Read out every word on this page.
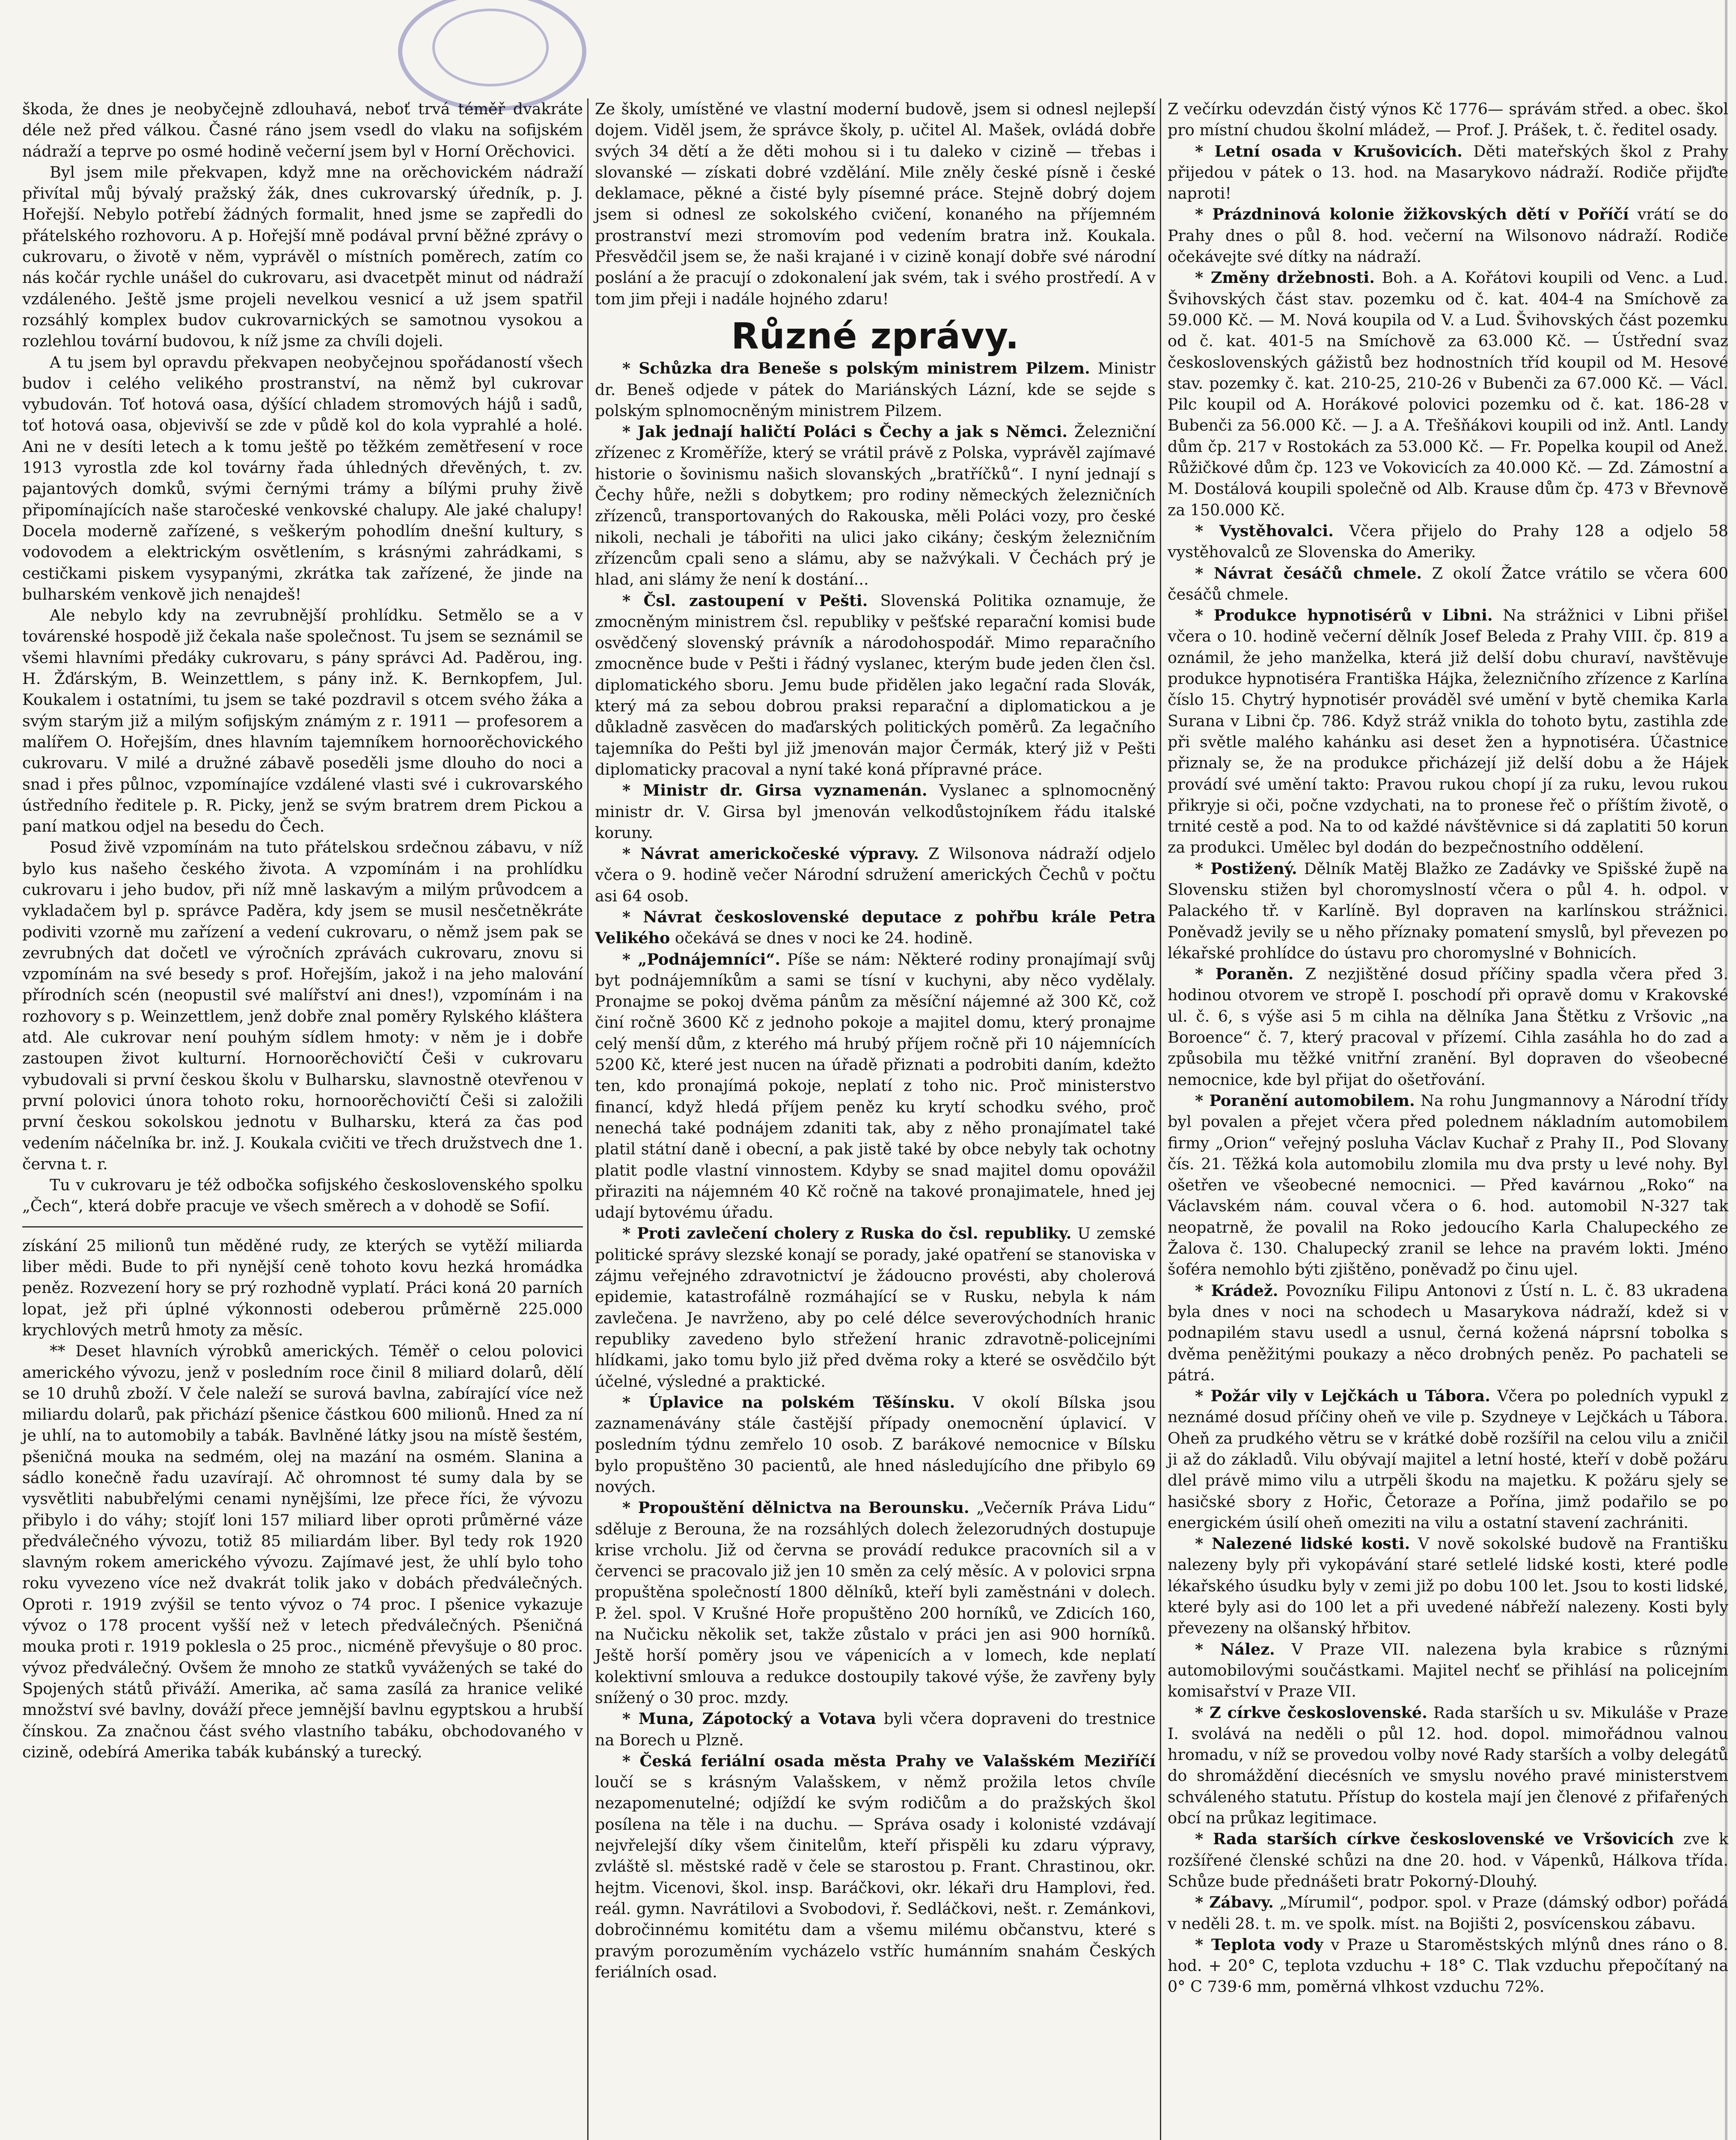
škoda, že dnes je neobyčejně zdlouhavá, neboť trvá téměř dvakráte déle než před válkou. Časné ráno jsem vsedl do vlaku na sofijském nádraží a teprve po osmé hodině večerní jsem byl v Horní Orěchovici.

Byl jsem mile překvapen, když mne na orěchovickém nádraží přivítal můj bývalý pražský žák, dnes cukrovarský úředník, p. J. Hořejší. Nebylo potřebí žádných formalit, hned jsme se zapředli do přátelského rozhovoru. A p. Hořejší mně podával první běžné zprávy o cukrovaru, o životě v něm, vyprávěl o místních poměrech, zatím co nás kočár rychle unášel do cukrovaru, asi dvacetpět minut od nádraží vzdáleného. Ještě jsme projeli nevelkou vesnicí a už jsem spatřil rozsáhlý komplex budov cukrovarnických se samotnou vysokou a rozlehlou tovární budovou, k níž jsme za chvíli dojeli.

A tu jsem byl opravdu překvapen neobyčejnou spořádaností všech budov i celého velikého prostranství, na němž byl cukrovar vybudován. Toť hotová oasa, dýšící chladem stromových hájů i sadů, toť hotová oasa, objevivší se zde v půdě kol do kola vyprahlé a holé. Ani ne v desíti letech a k tomu ještě po těžkém zemětřesení v roce 1913 vyrostla zde kol továrny řada úhledných dřevěných, t. zv. pajantových domků, svými černými trámy a bílými pruhy živě připomínajících naše staročeské venkovské chalupy. Ale jaké chalupy! Docela moderně zařízené, s veškerým pohodlím dnešní kultury, s vodovodem a elektrickým osvětlením, s krásnými zahrádkami, s cestičkami piskem vysypanými, zkrátka tak zařízené, že jinde na bulharském venkově jich nenajdeš!

Ale nebylo kdy na zevrubnější prohlídku. Setmělo se a v továrenské hospodě již čekala naše společnost. Tu jsem se seznámil se všemi hlavními předáky cukrovaru, s pány správci Ad. Paděrou, ing. H. Žďárským, B. Weinzettlem, s pány inž. K. Bernkopfem, Jul. Koukalem i ostatními, tu jsem se také pozdravil s otcem svého žáka a svým starým již a milým sofijským známým z r. 1911 — profesorem a malířem O. Hořejším, dnes hlavním tajemníkem hornoorěchovického cukrovaru. V milé a družné zábavě poseděli jsme dlouho do noci a snad i přes půlnoc, vzpomínajíce vzdálené vlasti své i cukrovarského ústředního ředitele p. R. Picky, jenž se svým bratrem drem Pickou a paní matkou odjel na besedu do Čech.

Posud živě vzpomínám na tuto přátelskou srdečnou zábavu, v níž bylo kus našeho českého života. A vzpomínám i na prohlídku cukrovaru i jeho budov, při níž mně laskavým a milým průvodcem a vykladačem byl p. správce Paděra, kdy jsem se musil nesčetněkráte podiviti vzorně mu zařízení a vedení cukrovaru, o němž jsem pak se zevrubných dat dočetl ve výročních zprávách cukrovaru, znovu si vzpomínám na své besedy s prof. Hořejším, jakož i na jeho malování přírodních scén (neopustil své malířství ani dnes!), vzpomínám i na rozhovory s p. Weinzettlem, jenž dobře znal poměry Rylského kláštera atd. Ale cukrovar není pouhým sídlem hmoty: v něm je i dobře zastoupen život kulturní. Hornoorěchovičtí Češi v cukrovaru vybudovali si první českou školu v Bulharsku, slavnostně otevřenou v první polovici února tohoto roku, hornoorěchovičtí Češi si založili první českou sokolskou jednotu v Bulharsku, která za čas pod vedením náčelníka br. inž. J. Koukala cvičiti ve třech družstvech dne 1. června t. r.

Tu v cukrovaru je též odbočka sofijského československého spolku „Čech“, která dobře pracuje ve všech směrech a v dohodě se Sofií.

získání 25 milionů tun měděné rudy, ze kterých se vytěží miliarda liber mědi. Bude to při nynější ceně tohoto kovu hezká hromádka peněz. Rozvezení hory se prý rozhodně vyplatí. Práci koná 20 parních lopat, jež při úplné výkonnosti odeberou průměrně 225.000 krychlových metrů hmoty za měsíc.

** Deset hlavních výrobků amerických. Téměř o celou polovici amerického vývozu, jenž v posledním roce činil 8 miliard dolarů, dělí se 10 druhů zboží. V čele naleží se surová bavlna, zabírající více než miliardu dolarů, pak přichází pšenice částkou 600 milionů. Hned za ní je uhlí, na to automobily a tabák. Bavlněné látky jsou na místě šestém, pšeničná mouka na sedmém, olej na mazání na osmém. Slanina a sádlo konečně řadu uzavírají. Ač ohromnost té sumy dala by se vysvětliti nabubřelými cenami nynějšími, lze přece říci, že vývozu přibylo i do váhy; stojíť loni 157 miliard liber oproti průměrné váze předválečného vývozu, totiž 85 miliardám liber. Byl tedy rok 1920 slavným rokem amerického vývozu. Zajímavé jest, že uhlí bylo toho roku vyvezeno více než dvakrát tolik jako v dobách předválečných. Oproti r. 1919 zvýšil se tento vývoz o 74 proc. I pšenice vykazuje vývoz o 178 procent vyšší než v letech předválečných. Pšeničná mouka proti r. 1919 poklesla o 25 proc., nicméně převyšuje o 80 proc. vývoz předválečný. Ovšem že mnoho ze statků vyvážených se také do Spojených států přiváží. Amerika, ač sama zasílá za hranice veliké množství své bavlny, dováží přece jemnější bavlnu egyptskou a hrubší čínskou. Za značnou část svého vlastního tabáku, obchodovaného v cizině, odebírá Amerika tabák kubánský a turecký.

Ze školy, umístěné ve vlastní moderní budově, jsem si odnesl nejlepší dojem. Viděl jsem, že správce školy, p. učitel Al. Mašek, ovládá dobře svých 34 dětí a že děti mohou si i tu daleko v cizině — třebas i slovanské — získati dobré vzdělání. Mile zněly české písně i české deklamace, pěkné a čisté byly písemné práce. Stejně dobrý dojem jsem si odnesl ze sokolského cvičení, konaného na příjemném prostranství mezi stromovím pod vedením bratra inž. Koukala. Přesvědčil jsem se, že naši krajané i v cizině konají dobře své národní poslání a že pracují o zdokonalení jak svém, tak i svého prostředí. A v tom jim přeji i nadále hojného zdaru!

Různé zprávy.

* Schůzka dra Beneše s polským ministrem Pilzem. Ministr dr. Beneš odjede v pátek do Mariánských Lázní, kde se sejde s polským splnomocněným ministrem Pilzem.

* Jak jednají haličtí Poláci s Čechy a jak s Němci. Železniční zřízenec z Kroměříže, který se vrátil právě z Polska, vyprávěl zajímavé historie o šovinismu našich slovanských „bratříčků“. I nyní jednají s Čechy hůře, nežli s dobytkem; pro rodiny německých železničních zřízenců, transportovaných do Rakouska, měli Poláci vozy, pro české nikoli, nechali je tábořiti na ulici jako cikány; českým železničním zřízencům cpali seno a slámu, aby se nažvýkali. V Čechách prý je hlad, ani slámy že není k dostání...

* Čsl. zastoupení v Pešti. Slovenská Politika oznamuje, že zmocněným ministrem čsl. republiky v pešťské reparační komisi bude osvědčený slovenský právník a národohospodář. Mimo reparačního zmocněnce bude v Pešti i řádný vyslanec, kterým bude jeden člen čsl. diplomatického sboru. Jemu bude přidělen jako legační rada Slovák, který má za sebou dobrou praksi reparační a diplomatickou a je důkladně zasvěcen do maďarských politických poměrů. Za legačního tajemníka do Pešti byl již jmenován major Čermák, který již v Pešti diplomaticky pracoval a nyní také koná přípravné práce.

* Ministr dr. Girsa vyznamenán. Vyslanec a splnomocněný ministr dr. V. Girsa byl jmenován velkodůstojníkem řádu italské koruny.

* Návrat americkočeské výpravy. Z Wilsonova nádraží odjelo včera o 9. hodině večer Národní sdružení amerických Čechů v počtu asi 64 osob.

* Návrat československé deputace z pohřbu krále Petra Velikého očekává se dnes v noci ke 24. hodině.

* „Podnájemníci“. Píše se nám: Některé rodiny pronajímají svůj byt podnájemníkům a sami se tísní v kuchyni, aby něco vydělaly. Pronajme se pokoj dvěma pánům za měsíční nájemné až 300 Kč, což činí ročně 3600 Kč z jednoho pokoje a majitel domu, který pronajme celý menší dům, z kterého má hrubý příjem ročně při 10 nájemnících 5200 Kč, které jest nucen na úřadě přiznati a podrobiti daním, kdežto ten, kdo pronajímá pokoje, neplatí z toho nic. Proč ministerstvo financí, když hledá příjem peněz ku krytí schodku svého, proč nenechá také podnájem zdaniti tak, aby z něho pronajímatel také platil státní daně i obecní, a pak jistě také by obce nebyly tak ochotny platit podle vlastní vinnostem. Kdyby se snad majitel domu opovážil přiraziti na nájemném 40 Kč ročně na takové pronajimatele, hned jej udají bytovému úřadu.

* Proti zavlečení cholery z Ruska do čsl. republiky. U zemské politické správy slezské konají se porady, jaké opatření se stanoviska v zájmu veřejného zdravotnictví je žádoucno provésti, aby cholerová epidemie, katastrofálně rozmáhající se v Rusku, nebyla k nám zavlečena. Je navrženo, aby po celé délce severovýchodních hranic republiky zavedeno bylo střežení hranic zdravotně-policejními hlídkami, jako tomu bylo již před dvěma roky a které se osvědčilo být účelné, výsledné a praktické.

* Úplavice na polském Těšínsku. V okolí Bílska jsou zaznamenávány stále častější případy onemocnění úplavicí. V posledním týdnu zemřelo 10 osob. Z barákové nemocnice v Bílsku bylo propuštěno 30 pacientů, ale hned následujícího dne přibylo 69 nových.

* Propouštění dělnictva na Berounsku. „Večerník Práva Lidu“ sděluje z Berouna, že na rozsáhlých dolech železorudných dostupuje krise vrcholu. Již od června se provádí redukce pracovních sil a v červenci se pracovalo již jen 10 směn za celý měsíc. A v polovici srpna propuštěna společností 1800 dělníků, kteří byli zaměstnáni v dolech. P. žel. spol. V Krušné Hoře propuštěno 200 horníků, ve Zdicích 160, na Nučicku několik set, takže zůstalo v práci jen asi 900 horníků. Ještě horší poměry jsou ve vápenicích a v lomech, kde neplatí kolektivní smlouva a redukce dostoupily takové výše, že zavřeny byly snížený o 30 proc. mzdy.

* Muna, Zápotocký a Votava byli včera dopraveni do trestnice na Borech u Plzně.

* Česká feriální osada města Prahy ve Valašském Meziříčí loučí se s krásným Valašskem, v němž prožila letos chvíle nezapomenutelné; odjíždí ke svým rodičům a do pražských škol posílena na těle i na duchu. — Správa osady i kolonisté vzdávají nejvřelejší díky všem činitelům, kteří přispěli ku zdaru výpravy, zvláště sl. městské radě v čele se starostou p. Frant. Chrastinou, okr. hejtm. Vicenovi, škol. insp. Baráčkovi, okr. lékaři dru Hamplovi, řed. reál. gymn. Navrátilovi a Svobodovi, ř. Sedláčkovi, nešt. r. Zemánkovi, dobročinnému komitétu dam a všemu milému občanstvu, které s pravým porozuměním vycházelo vstříc humánním snahám Českých feriálních osad.

Z večírku odevzdán čistý výnos Kč 1776— správám střed. a obec. škol pro místní chudou školní mládež, — Prof. J. Prášek, t. č. ředitel osady.

* Letní osada v Krušovicích. Děti mateřských škol z Prahy přijedou v pátek o 13. hod. na Masarykovo nádraží. Rodiče přijďte naproti!

* Prázdninová kolonie žižkovských dětí v Poříčí vrátí se do Prahy dnes o půl 8. hod. večerní na Wilsonovo nádraží. Rodiče očekávejte své dítky na nádraží.

* Změny držebnosti. Boh. a A. Kořátovi koupili od Venc. a Lud. Švihovských část stav. pozemku od č. kat. 404-4 na Smíchově za 59.000 Kč. — M. Nová koupila od V. a Lud. Švihovských část pozemku od č. kat. 401-5 na Smíchově za 63.000 Kč. — Ústřední svaz československých gážistů bez hodnostních tříd koupil od M. Hesové stav. pozemky č. kat. 210-25, 210-26 v Bubenči za 67.000 Kč. — Václ. Pilc koupil od A. Horákové polovici pozemku od č. kat. 186-28 v Bubenči za 56.000 Kč. — J. a A. Třešňákovi koupili od inž. Antl. Landy dům čp. 217 v Rostokách za 53.000 Kč. — Fr. Popelka koupil od Anež. Růžičkové dům čp. 123 ve Vokovicích za 40.000 Kč. — Zd. Zámostní a M. Dostálová koupili společně od Alb. Krause dům čp. 473 v Břevnově za 150.000 Kč.

* Vystěhovalci. Včera přijelo do Prahy 128 a odjelo 58 vystěhovalců ze Slovenska do Ameriky.

* Návrat česáčů chmele. Z okolí Žatce vrátilo se včera 600 česáčů chmele.

* Produkce hypnotisérů v Libni. Na strážnici v Libni přišel včera o 10. hodině večerní dělník Josef Beleda z Prahy VIII. čp. 819 a oznámil, že jeho manželka, která již delší dobu churaví, navštěvuje produkce hypnotiséra Františka Hájka, železničního zřízence z Karlína číslo 15. Chytrý hypnotisér prováděl své umění v bytě chemika Karla Surana v Libni čp. 786. Když stráž vnikla do tohoto bytu, zastihla zde při světle malého kahánku asi deset žen a hypnotiséra. Účastnice přiznaly se, že na produkce přicházejí již delší dobu a že Hájek provádí své umění takto: Pravou rukou chopí jí za ruku, levou rukou přikryje si oči, počne vzdychati, na to pronese řeč o příštím životě, o trnité cestě a pod. Na to od každé návštěvnice si dá zaplatiti 50 korun za produkci. Umělec byl dodán do bezpečnostního oddělení.

* Postižený. Dělník Matěj Blažko ze Zadávky ve Spišské župě na Slovensku stižen byl choromyslností včera o půl 4. h. odpol. v Palackého tř. v Karlíně. Byl dopraven na karlínskou strážnici. Poněvadž jevily se u něho příznaky pomatení smyslů, byl převezen po lékařské prohlídce do ústavu pro choromyslné v Bohnicích.

* Poraněn. Z nezjištěné dosud příčiny spadla včera před 3. hodinou otvorem ve stropě I. poschodí při opravě domu v Krakovské ul. č. 6, s výše asi 5 m cihla na dělníka Jana Štětku z Vršovic „na Boroence“ č. 7, který pracoval v přízemí. Cihla zasáhla ho do zad a způsobila mu těžké vnitřní zranění. Byl dopraven do všeobecné nemocnice, kde byl přijat do ošetřování.

* Poranění automobilem. Na rohu Jungmannovy a Národní třídy byl povalen a přejet včera před polednem nákladním automobilem firmy „Orion“ veřejný posluha Václav Kuchař z Prahy II., Pod Slovany čís. 21. Těžká kola automobilu zlomila mu dva prsty u levé nohy. Byl ošetřen ve všeobecné nemocnici. — Před kavárnou „Roko“ na Václavském nám. couval včera o 6. hod. automobil N-327 tak neopatrně, že povalil na Roko jedoucího Karla Chalupeckého ze Žalova č. 130. Chalupecký zranil se lehce na pravém lokti. Jméno šoféra nemohlo býti zjištěno, poněvadž po činu ujel.

* Krádež. Povozníku Filipu Antonovi z Ústí n. L. č. 83 ukradena byla dnes v noci na schodech u Masarykova nádraží, kdež si v podnapilém stavu usedl a usnul, černá kožená náprsní tobolka s dvěma peněžitými poukazy a něco drobných peněz. Po pachateli se pátrá.

* Požár vily v Lejčkách u Tábora. Včera po poledních vypukl z neznámé dosud příčiny oheň ve vile p. Szydneye v Lejčkách u Tábora. Oheň za prudkého větru se v krátké době rozšířil na celou vilu a zničil ji až do základů. Vilu obývají majitel a letní hosté, kteří v době požáru dlel právě mimo vilu a utrpěli škodu na majetku. K požáru sjely se hasičské sbory z Hořic, Četoraze a Pořína, jimž podařilo se po energickém úsilí oheň omeziti na vilu a ostatní stavení zachrániti.

* Nalezené lidské kosti. V nově sokolské budově na Františku nalezeny byly při vykopávání staré setlelé lidské kosti, které podle lékařského úsudku byly v zemi již po dobu 100 let. Jsou to kosti lidské, které byly asi do 100 let a při uvedené nábřeží nalezeny. Kosti byly převezeny na olšanský hřbitov.

* Nález. V Praze VII. nalezena byla krabice s různými automobilovými součástkami. Majitel nechť se přihlásí na policejním komisařství v Praze VII.

* Z církve československé. Rada starších u sv. Mikuláše v Praze I. svolává na neděli o půl 12. hod. dopol. mimořádnou valnou hromadu, v níž se provedou volby nové Rady starších a volby delegátů do shromáždění diecésních ve smyslu nového pravé ministerstvem schváleného statutu. Přístup do kostela mají jen členové z přifařených obcí na průkaz legitimace.

* Rada starších církve československé ve Vršovicích zve k rozšířené členské schůzi na dne 20. hod. v Vápenků, Hálkova třída. Schůze bude přednášeti bratr Pokorný-Dlouhý.

* Zábavy. „Mírumil“, podpor. spol. v Praze (dámský odbor) pořádá v neděli 28. t. m. ve spolk. míst. na Bojišti 2, posvícenskou zábavu.

* Teplota vody v Praze u Staroměstských mlýnů dnes ráno o 8. hod. + 20° C, teplota vzduchu + 18° C. Tlak vzduchu přepočítaný na 0° C 739·6 mm, poměrná vlhkost vzduchu 72%.
